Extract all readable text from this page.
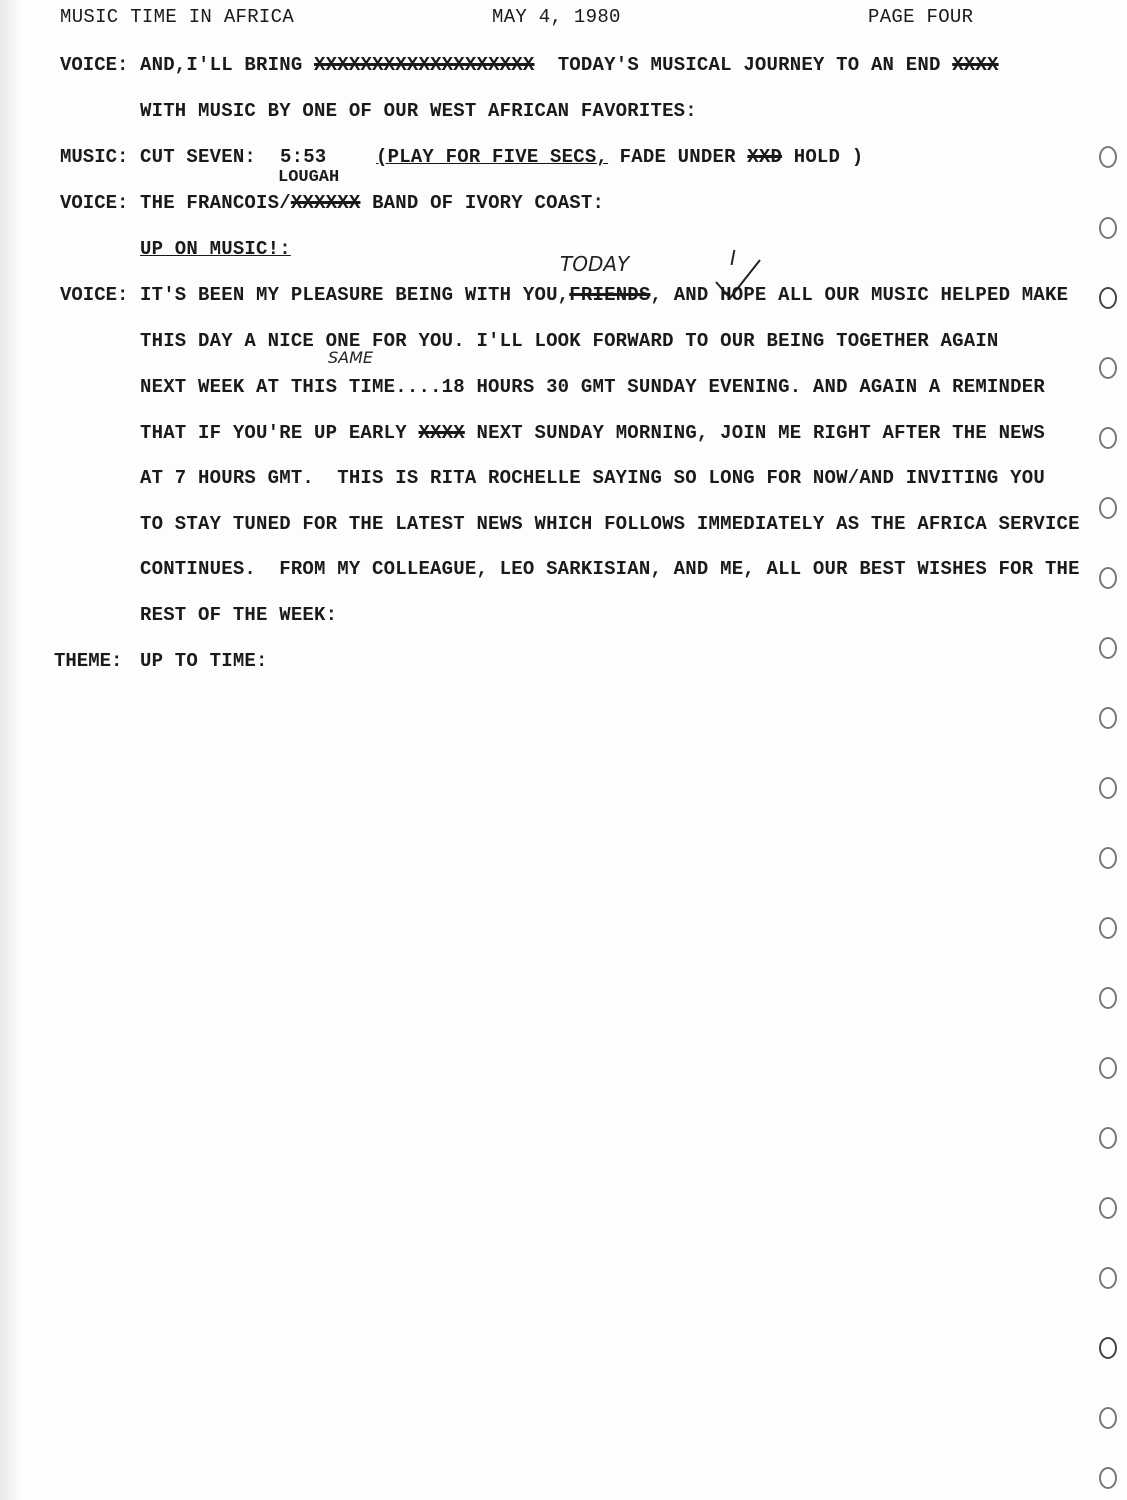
MUSIC TIME IN AFRICA	MAY 4, 1980	PAGE FOUR
VOICE: AND,I'LL BRING XXXXXXXXXXXXXXXXXXX TODAY'S MUSICAL JOURNEY TO AN END XXXX
WITH MUSIC BY ONE OF OUR WEST AFRICAN FAVORITES:
MUSIC: CUT SEVEN: 5:53	(PLAY FOR FIVE SECS, FADE UNDER XXD HOLD )
LOUGAH
VOICE: THE FRANCOIS/XXXXXX BAND OF IVORY COAST:
UP ON MUSIC!:
TODAY	I
VOICE: IT'S BEEN MY PLEASURE BEING WITH YOU,FRIENDS, AND HOPE ALL OUR MUSIC HELPED MAKE
THIS DAY A NICE ONE FOR YOU. I'LL LOOK FORWARD TO OUR BEING TOGETHER AGAIN
SAME
NEXT WEEK AT THIS TIME....18 HOURS 30 GMT SUNDAY EVENING. AND AGAIN A REMINDER
THAT IF YOU'RE UP EARLY XXXX NEXT SUNDAY MORNING, JOIN ME RIGHT AFTER THE NEWS
AT 7 HOURS GMT.  THIS IS RITA ROCHELLE SAYING SO LONG FOR NOW/AND INVITING YOU
TO STAY TUNED FOR THE LATEST NEWS WHICH FOLLOWS IMMEDIATELY AS THE AFRICA SERVICE
CONTINUES.  FROM MY COLLEAGUE, LEO SARKISIAN, AND ME, ALL OUR BEST WISHES FOR THE
REST OF THE WEEK:
THEME: UP TO TIME:
